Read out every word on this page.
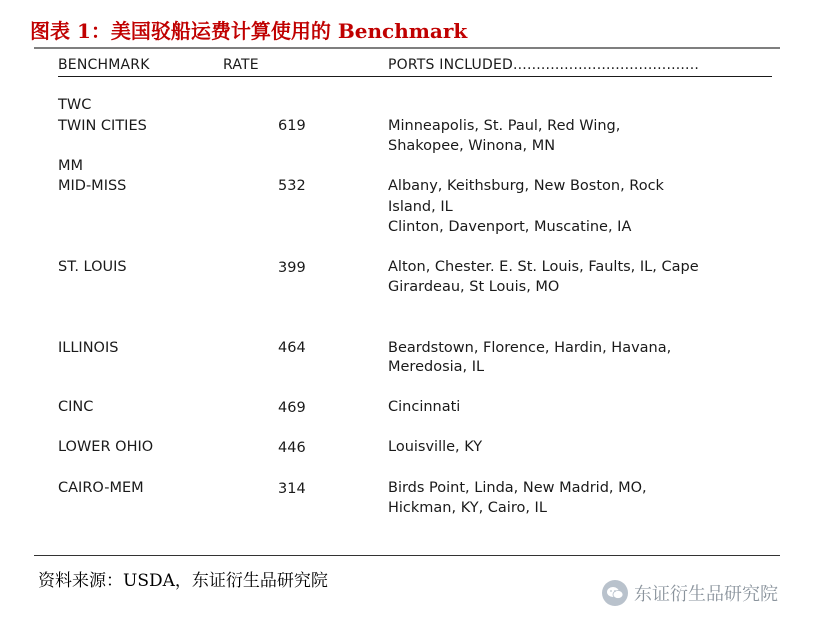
图表 1：美国驳船运费计算使用的 Benchmark
BENCHMARK	RATE	PORTS INCLUDED........................................
TWC
TWIN CITIES	619	Minneapolis, St. Paul, Red Wing,
Shakopee, Winona, MN
MM
MID-MISS	532	Albany, Keithsburg, New Boston, Rock
Island, IL
Clinton, Davenport, Muscatine, IA
ST. LOUIS	399	Alton, Chester. E. St. Louis, Faults, IL, Cape
Girardeau, St Louis, MO
ILLINOIS	464	Beardstown, Florence, Hardin, Havana,
Meredosia, IL
CINC	469	Cincinnati
LOWER OHIO	446	Louisville, KY
CAIRO-MEM	314	Birds Point, Linda, New Madrid, MO,
Hickman, KY, Cairo, IL
资料来源：USDA，东证衍生品研究院
东证衍生品研究院
